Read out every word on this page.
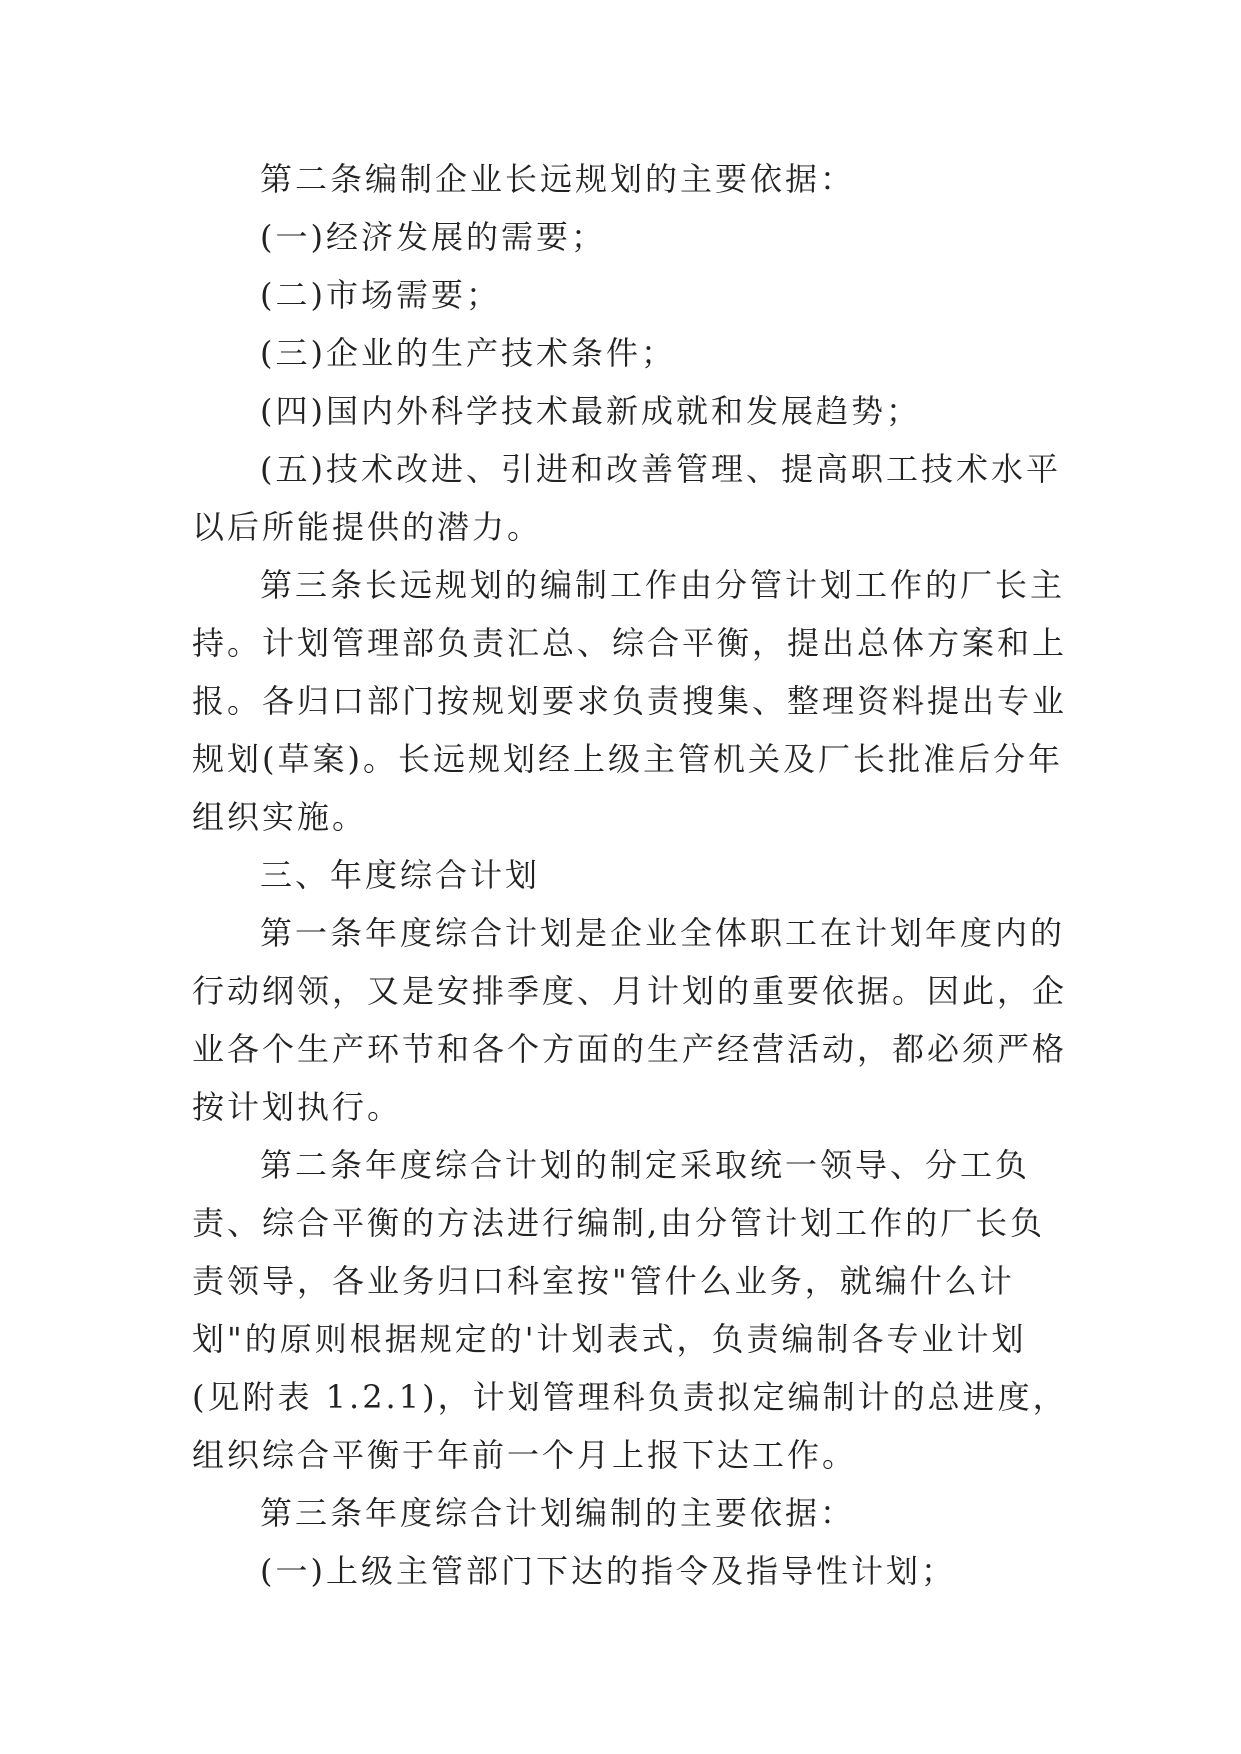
第二条编制企业长远规划的主要依据：

(一)经济发展的需要；

(二)市场需要；

(三)企业的生产技术条件；

(四)国内外科学技术最新成就和发展趋势；

(五)技术改进、引进和改善管理、提高职工技术水平以后所能提供的潜力。

第三条长远规划的编制工作由分管计划工作的厂长主持。计划管理部负责汇总、综合平衡，提出总体方案和上报。各归口部门按规划要求负责搜集、整理资料提出专业规划(草案)。长远规划经上级主管机关及厂长批准后分年组织实施。

三、年度综合计划

第一条年度综合计划是企业全体职工在计划年度内的行动纲领，又是安排季度、月计划的重要依据。因此，企业各个生产环节和各个方面的生产经营活动，都必须严格按计划执行。

第二条年度综合计划的制定采取统一领导、分工负责、综合平衡的方法进行编制,由分管计划工作的厂长负责领导，各业务归口科室按"管什么业务，就编什么计划"的原则根据规定的'计划表式，负责编制各专业计划(见附表 1.2.1)，计划管理科负责拟定编制计的总进度，组织综合平衡于年前一个月上报下达工作。

第三条年度综合计划编制的主要依据：

(一)上级主管部门下达的指令及指导性计划；
